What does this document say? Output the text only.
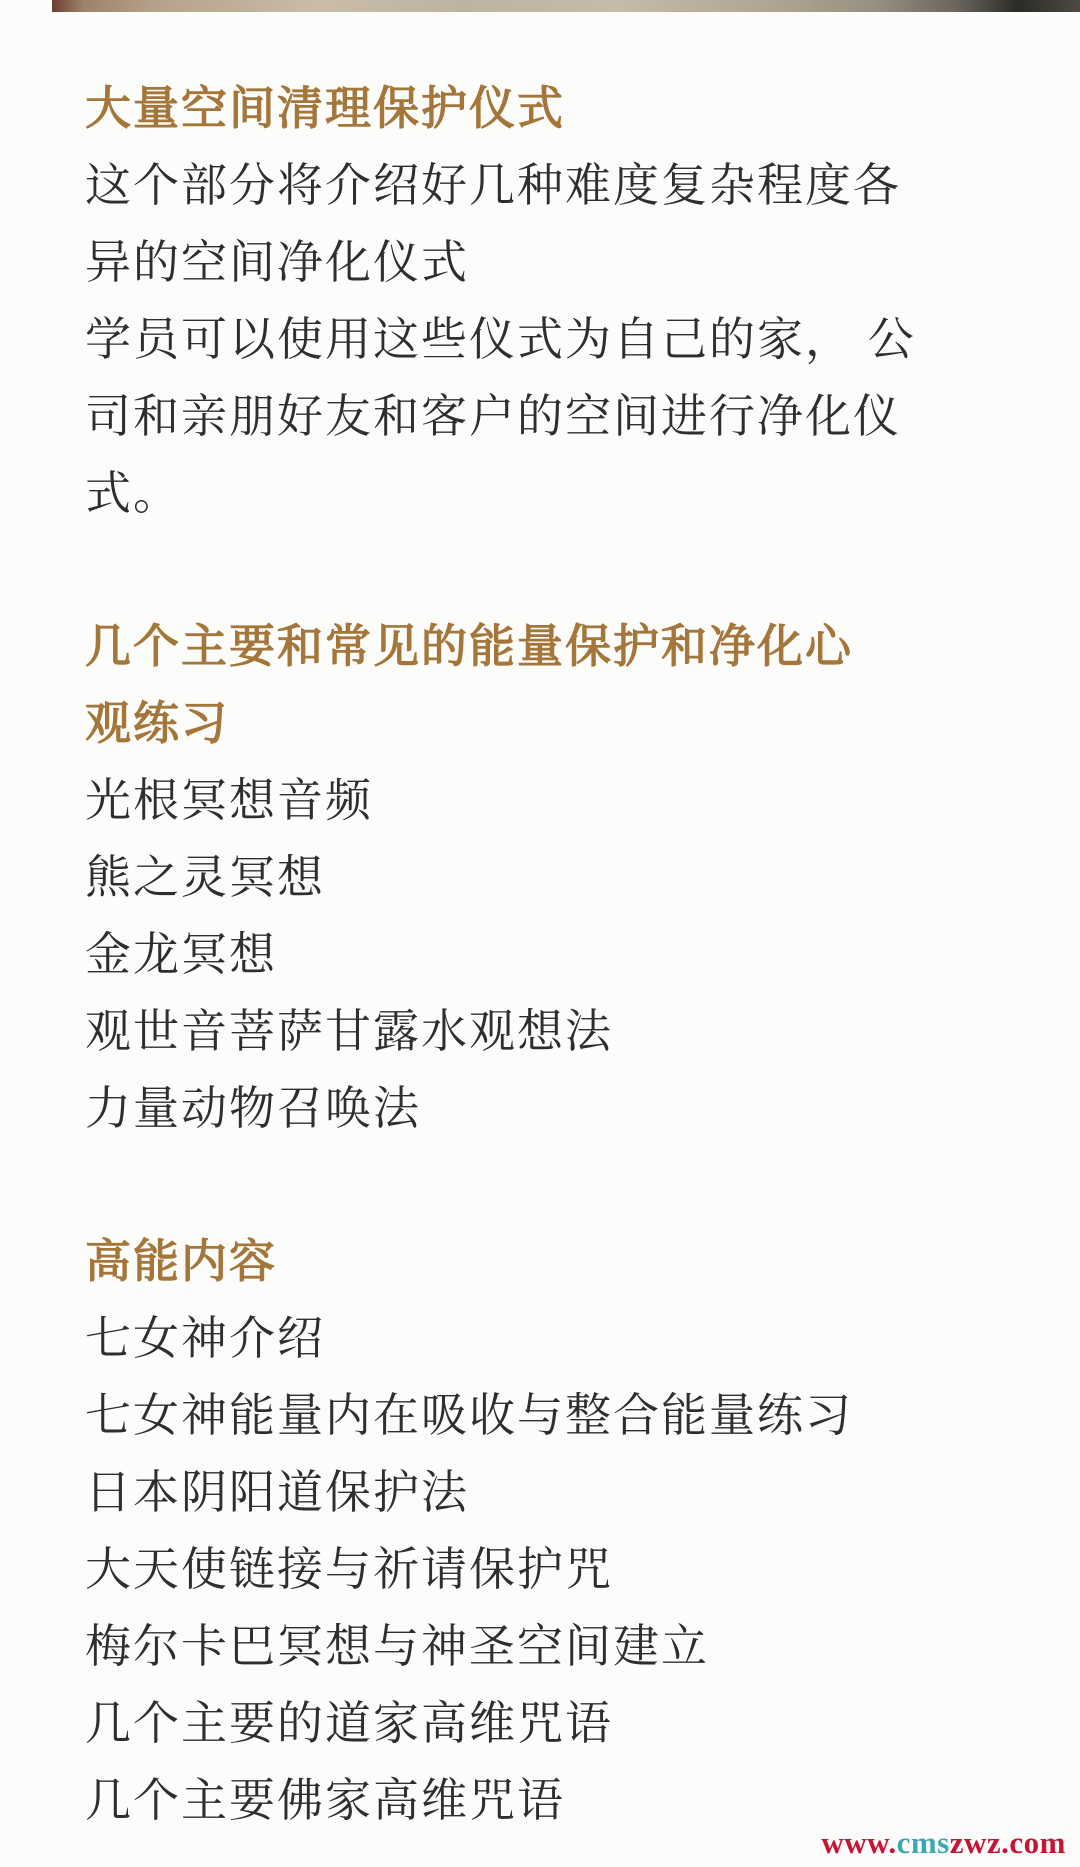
大量空间清理保护仪式
这个部分将介绍好几种难度复杂程度各
异的空间净化仪式
学员可以使用这些仪式为自己的家， 公
司和亲朋好友和客户的空间进行净化仪
式。
几个主要和常见的能量保护和净化心
观练习
光根冥想音频
熊之灵冥想
金龙冥想
观世音菩萨甘露水观想法
力量动物召唤法
高能内容
七女神介绍
七女神能量内在吸收与整合能量练习
日本阴阳道保护法
大天使链接与祈请保护咒
梅尔卡巴冥想与神圣空间建立
几个主要的道家高维咒语
几个主要佛家高维咒语
www.cmszwz.com
